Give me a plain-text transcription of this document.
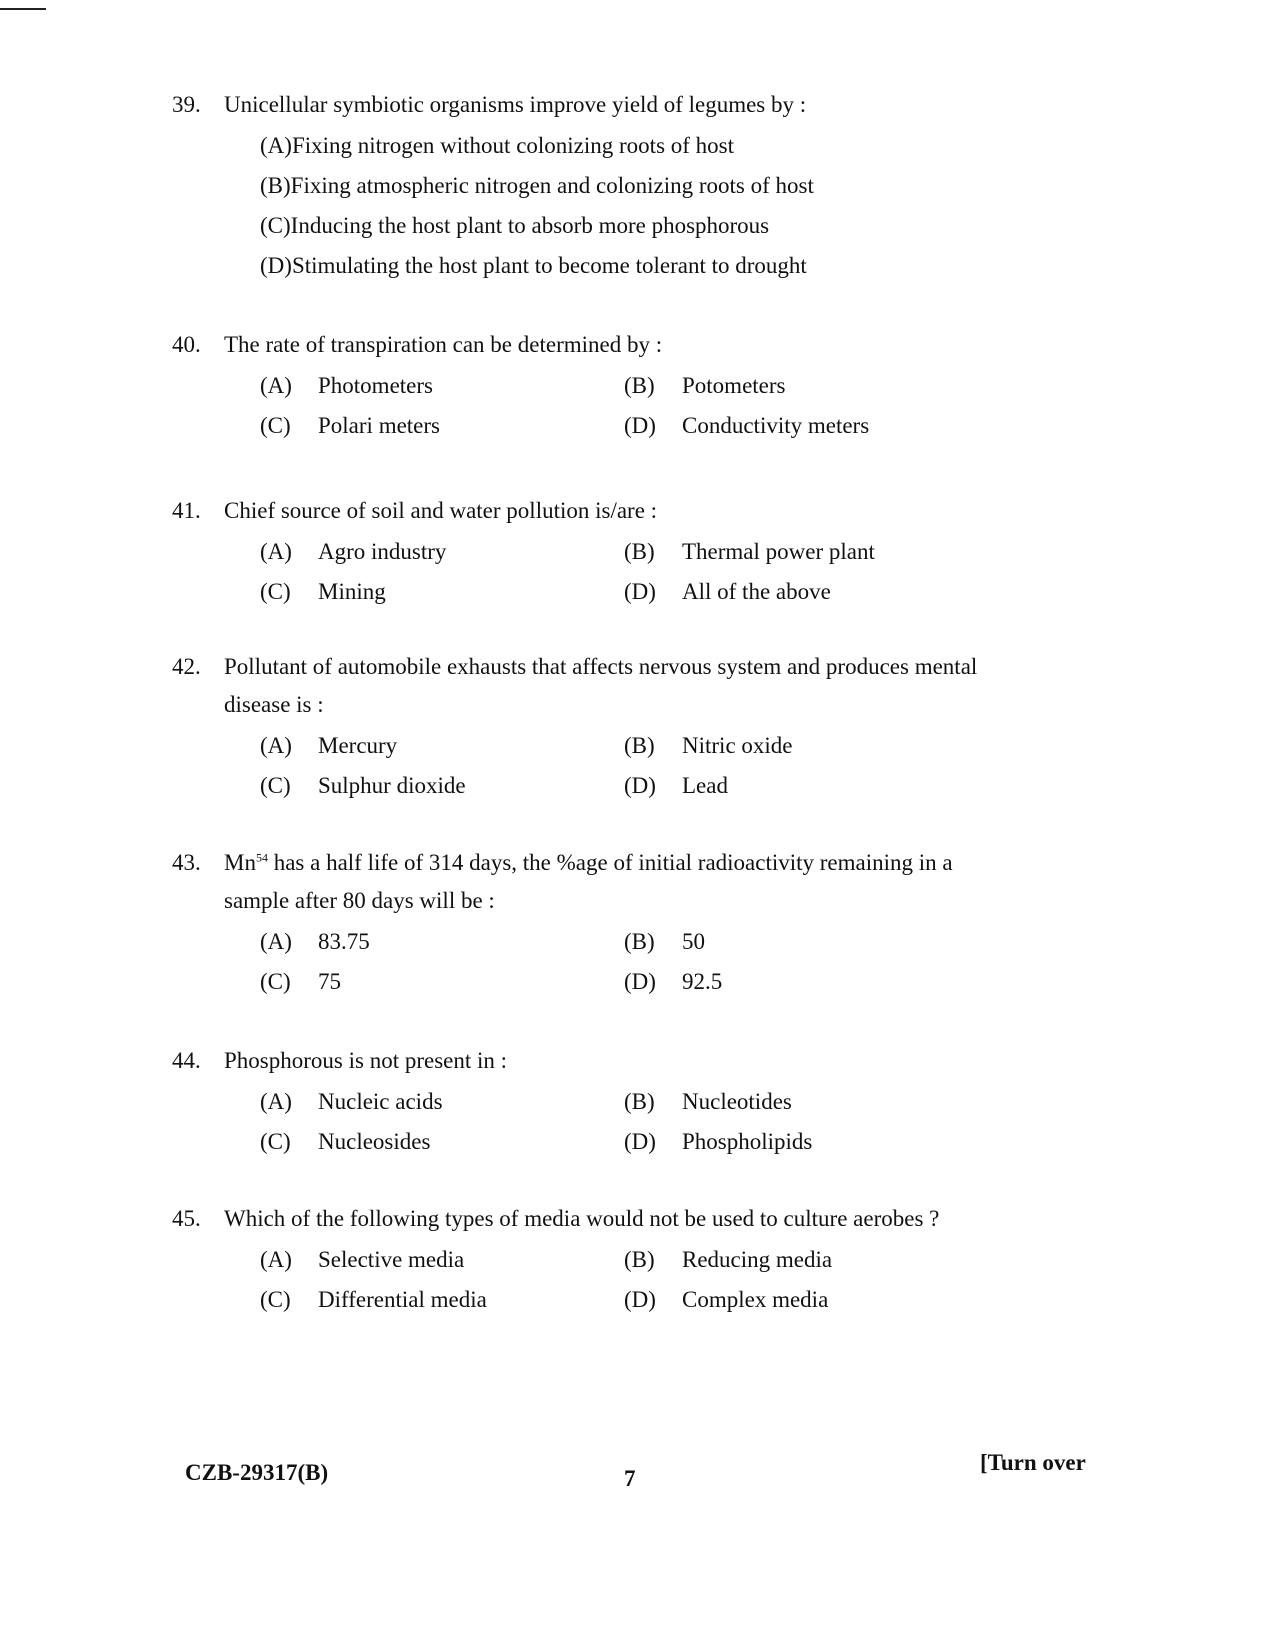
39.	Unicellular symbiotic organisms improve yield of legumes by :
(A) Fixing nitrogen without colonizing roots of host
(B) Fixing atmospheric nitrogen and colonizing roots of host
(C) Inducing the host plant to absorb more phosphorous
(D) Stimulating the host plant to become tolerant to drought
40.	The rate of transpiration can be determined by :
(A)	Photometers	(B)	Potometers
(C)	Polari meters	(D)	Conductivity meters
41.	Chief source of soil and water pollution is/are :
(A)	Agro industry	(B)	Thermal power plant
(C)	Mining	(D)	All of the above
42.	Pollutant of automobile exhausts that affects nervous system and produces mental disease is :
(A)	Mercury	(B)	Nitric oxide
(C)	Sulphur dioxide	(D)	Lead
43.	Mn$^{54}$ has a half life of 314 days, the %age of initial radioactivity remaining in a sample after 80 days will be :
(A)	83.75	(B)	50
(C)	75	(D)	92.5
44.	Phosphorous is not present in :
(A)	Nucleic acids	(B)	Nucleotides
(C)	Nucleosides	(D)	Phospholipids
45.	Which of the following types of media would not be used to culture aerobes ?
(A)	Selective media	(B)	Reducing media
(C)	Differential media	(D)	Complex media
CZB-29317(B)	7
[Turn over
